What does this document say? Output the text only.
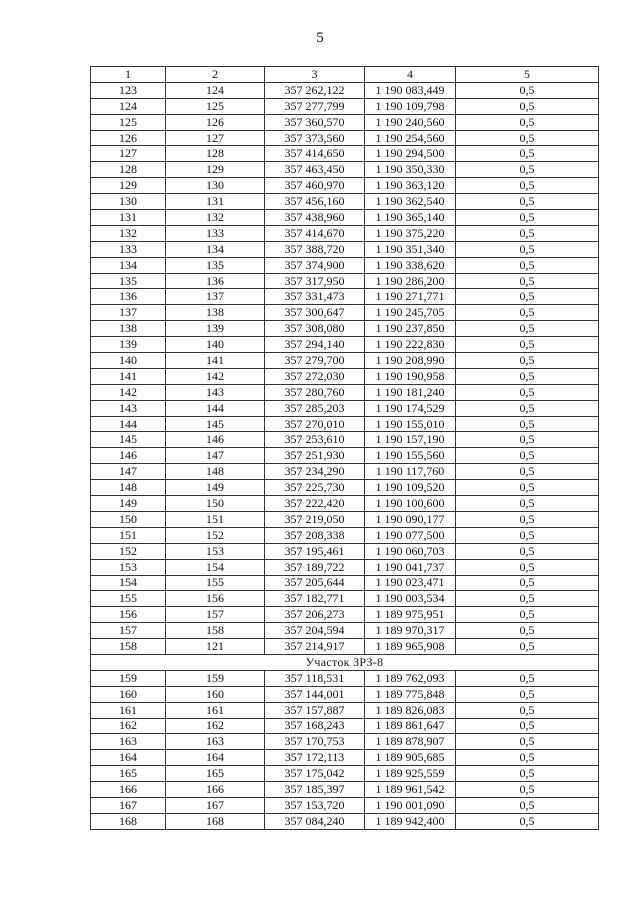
5
1	2	3	4	5
123	124	357 262,122	1 190 083,449	0,5
124	125	357 277,799	1 190 109,798	0,5
125	126	357 360,570	1 190 240,560	0,5
126	127	357 373,560	1 190 254,560	0,5
127	128	357 414,650	1 190 294,500	0,5
128	129	357 463,450	1 190 350,330	0,5
129	130	357 460,970	1 190 363,120	0,5
130	131	357 456,160	1 190 362,540	0,5
131	132	357 438,960	1 190 365,140	0,5
132	133	357 414,670	1 190 375,220	0,5
133	134	357 388,720	1 190 351,340	0,5
134	135	357 374,900	1 190 338,620	0,5
135	136	357 317,950	1 190 286,200	0,5
136	137	357 331,473	1 190 271,771	0,5
137	138	357 300,647	1 190 245,705	0,5
138	139	357 308,080	1 190 237,850	0,5
139	140	357 294,140	1 190 222,830	0,5
140	141	357 279,700	1 190 208,990	0,5
141	142	357 272,030	1 190 190,958	0,5
142	143	357 280,760	1 190 181,240	0,5
143	144	357 285,203	1 190 174,529	0,5
144	145	357 270,010	1 190 155,010	0,5
145	146	357 253,610	1 190 157,190	0,5
146	147	357 251,930	1 190 155,560	0,5
147	148	357 234,290	1 190 117,760	0,5
148	149	357 225,730	1 190 109,520	0,5
149	150	357 222,420	1 190 100,600	0,5
150	151	357 219,050	1 190 090,177	0,5
151	152	357 208,338	1 190 077,500	0,5
152	153	357 195,461	1 190 060,703	0,5
153	154	357 189,722	1 190 041,737	0,5
154	155	357 205,644	1 190 023,471	0,5
155	156	357 182,771	1 190 003,534	0,5
156	157	357 206,273	1 189 975,951	0,5
157	158	357 204,594	1 189 970,317	0,5
158	121	357 214,917	1 189 965,908	0,5
Участок ЗРЗ-8				
159	159	357 118,531	1 189 762,093	0,5
160	160	357 144,001	1 189 775,848	0,5
161	161	357 157,887	1 189 826,083	0,5
162	162	357 168,243	1 189 861,647	0,5
163	163	357 170,753	1 189 878,907	0,5
164	164	357 172,113	1 189 905,685	0,5
165	165	357 175,042	1 189 925,559	0,5
166	166	357 185,397	1 189 961,542	0,5
167	167	357 153,720	1 190 001,090	0,5
168	168	357 084,240	1 189 942,400	0,5
